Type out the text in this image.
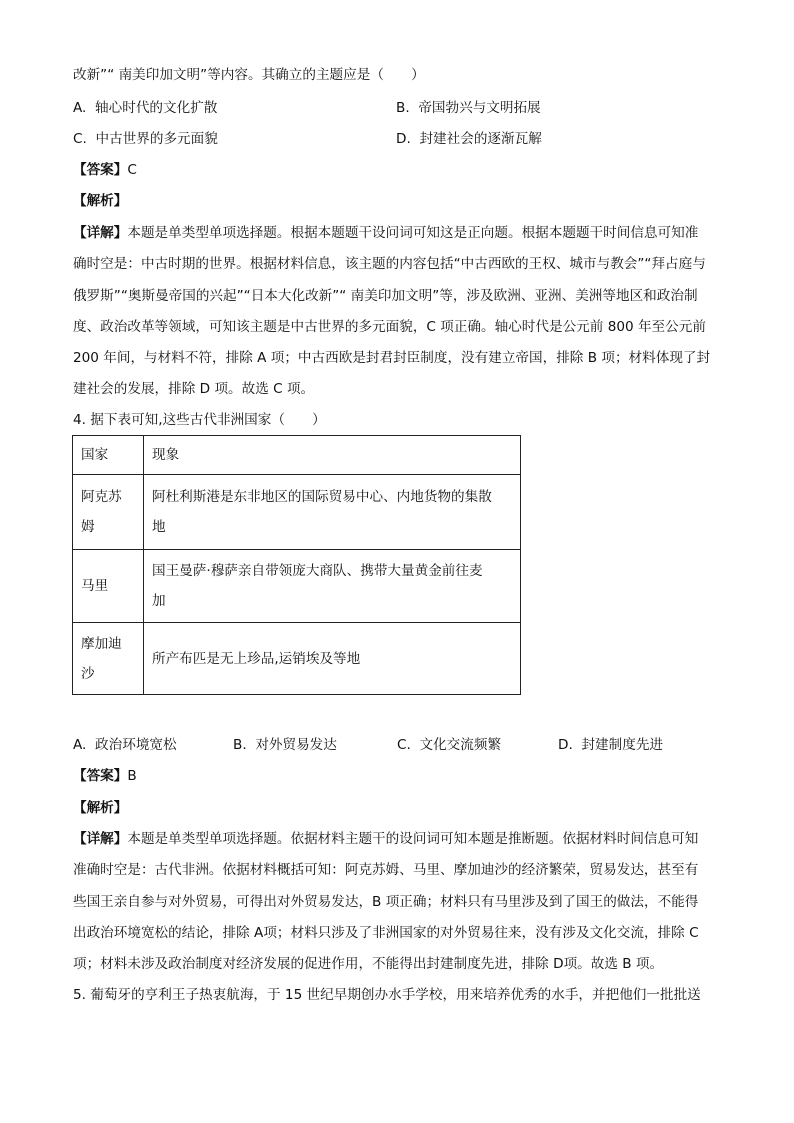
改新”“ 南美印加文明”等内容。其确立的主题应是（　　）
A. 轴心时代的文化扩散	B. 帝国勃兴与文明拓展
C. 中古世界的多元面貌	D. 封建社会的逐渐瓦解
【答案】C
【解析】
【详解】本题是单类型单项选择题。根据本题题干设问词可知这是正向题。根据本题题干时间信息可知准
确时空是：中古时期的世界。根据材料信息，该主题的内容包括“中古西欧的王权、城市与教会”“拜占庭与
俄罗斯”“奥斯曼帝国的兴起”“日本大化改新”“ 南美印加文明”等，涉及欧洲、亚洲、美洲等地区和政治制
度、政治改革等领域，可知该主题是中古世界的多元面貌，C 项正确。轴心时代是公元前 800 年至公元前
200 年间，与材料不符，排除 A 项；中古西欧是封君封臣制度，没有建立帝国，排除 B 项；材料体现了封
建社会的发展，排除 D 项。故选 C 项。
4. 据下表可知,这些古代非洲国家（　　）
国家	现象
阿克苏
姆	阿杜利斯港是东非地区的国际贸易中心、内地货物的集散
地
马里	国王曼萨·穆萨亲自带领庞大商队、携带大量黄金前往麦
加
摩加迪
沙	所产布匹是无上珍品,运销埃及等地
A. 政治环境宽松	B. 对外贸易发达	C. 文化交流频繁	D. 封建制度先进
【答案】B
【解析】
【详解】本题是单类型单项选择题。依据材料主题干的设问词可知本题是推断题。依据材料时间信息可知
准确时空是：古代非洲。依据材料概括可知：阿克苏姆、马里、摩加迪沙的经济繁荣，贸易发达，甚至有
些国王亲自参与对外贸易，可得出对外贸易发达，B 项正确；材料只有马里涉及到了国王的做法，不能得
出政治环境宽松的结论，排除 A项；材料只涉及了非洲国家的对外贸易往来，没有涉及文化交流，排除 C
项；材料未涉及政治制度对经济发展的促进作用，不能得出封建制度先进，排除 D项。故选 B 项。
5. 葡萄牙的亨利王子热衷航海，于 15 世纪早期创办水手学校，用来培养优秀的水手，并把他们一批批送
